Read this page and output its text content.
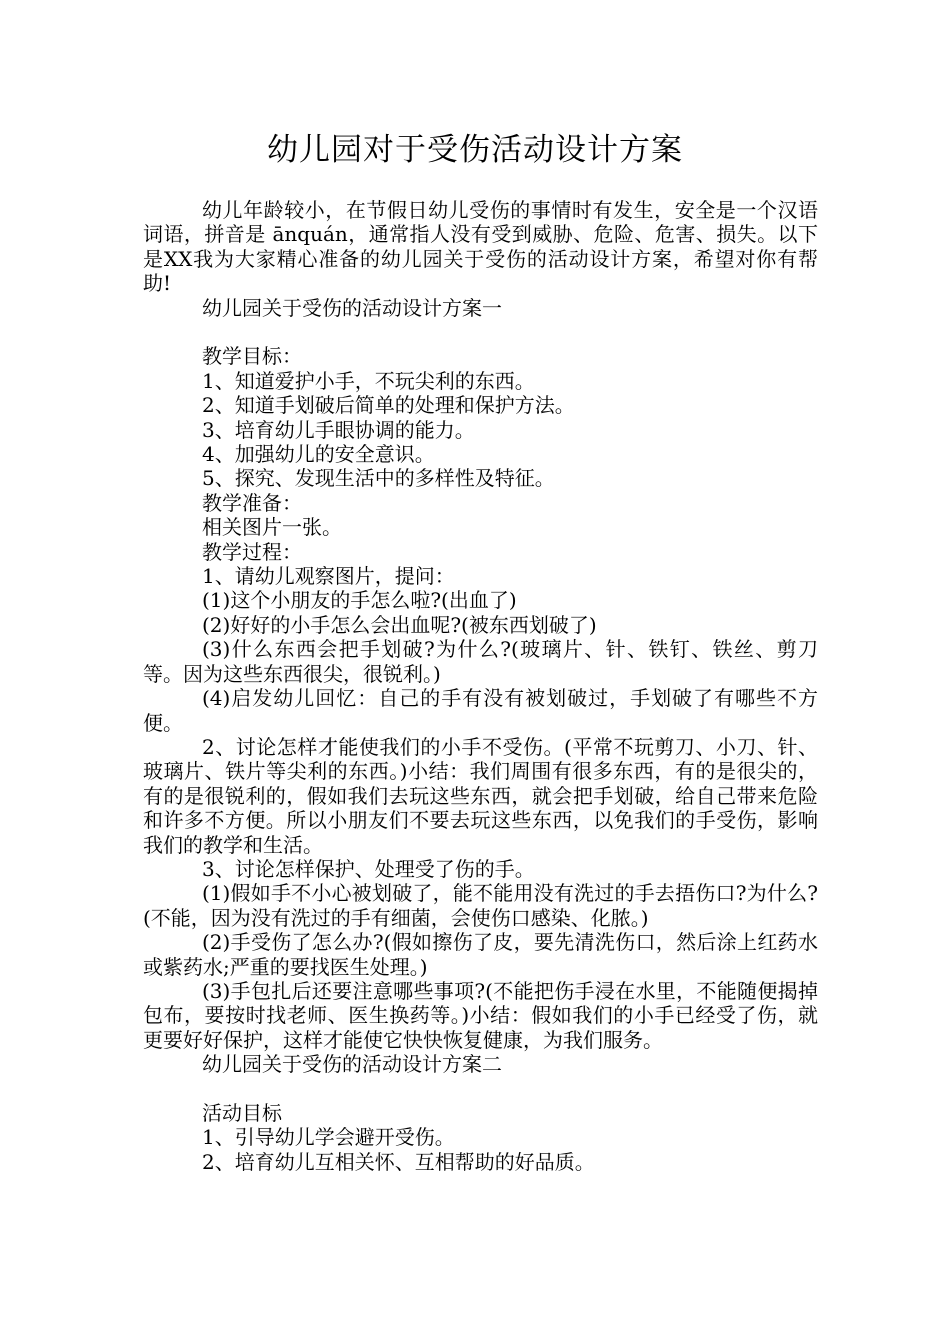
幼儿园对于受伤活动设计方案

幼儿年龄较小，在节假日幼儿受伤的事情时有发生，安全是一个汉语词语，拼音是 ānquán，通常指人没有受到威胁、危险、危害、损失。以下是XX我为大家精心准备的幼儿园关于受伤的活动设计方案，希望对你有帮助!

幼儿园关于受伤的活动设计方案一

教学目标：

1、知道爱护小手，不玩尖利的东西。

2、知道手划破后简单的处理和保护方法。

3、培育幼儿手眼协调的能力。

4、加强幼儿的安全意识。

5、探究、发现生活中的多样性及特征。

教学准备：

相关图片一张。

教学过程：

1、请幼儿观察图片，提问：

(1)这个小朋友的手怎么啦?(出血了)

(2)好好的小手怎么会出血呢?(被东西划破了)

(3)什么东西会把手划破?为什么?(玻璃片、针、铁钉、铁丝、剪刀等。因为这些东西很尖，很锐利。)

(4)启发幼儿回忆：自己的手有没有被划破过，手划破了有哪些不方便。

2、讨论怎样才能使我们的小手不受伤。(平常不玩剪刀、小刀、针、玻璃片、铁片等尖利的东西。)小结：我们周围有很多东西，有的是很尖的，有的是很锐利的，假如我们去玩这些东西，就会把手划破，给自己带来危险和许多不方便。所以小朋友们不要去玩这些东西，以免我们的手受伤，影响我们的教学和生活。

3、讨论怎样保护、处理受了伤的手。

(1)假如手不小心被划破了，能不能用没有洗过的手去捂伤口?为什么?(不能，因为没有洗过的手有细菌，会使伤口感染、化脓。)

(2)手受伤了怎么办?(假如擦伤了皮，要先清洗伤口，然后涂上红药水或紫药水;严重的要找医生处理。)

(3)手包扎后还要注意哪些事项?(不能把伤手浸在水里，不能随便揭掉包布，要按时找老师、医生换药等。)小结：假如我们的小手已经受了伤，就更要好好保护，这样才能使它快快恢复健康，为我们服务。

幼儿园关于受伤的活动设计方案二

活动目标

1、引导幼儿学会避开受伤。

2、培育幼儿互相关怀、互相帮助的好品质。
